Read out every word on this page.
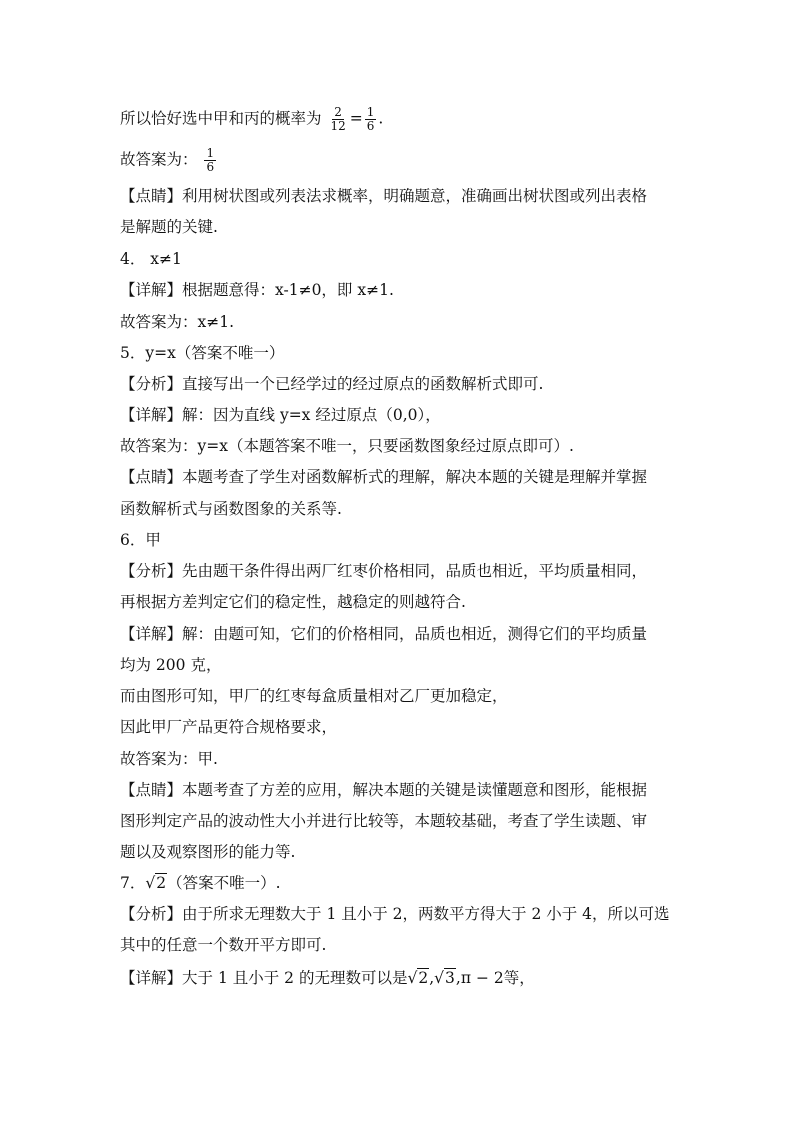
所以恰好选中甲和丙的概率为 $\frac{2}{12} = \frac{1}{6}$ .
故答案为： $\frac{1}{6}$
【点睛】利用树状图或列表法求概率，明确题意，准确画出树状图或列出表格
是解题的关键.
4． x≠1
【详解】根据题意得：x-1≠0，即 x≠1.
故答案为：x≠1.
5．y=x（答案不唯一）
【分析】直接写出一个已经学过的经过原点的函数解析式即可.
【详解】解：因为直线 y=x 经过原点（0,0），
故答案为：y=x（本题答案不唯一，只要函数图象经过原点即可）.
【点睛】本题考查了学生对函数解析式的理解，解决本题的关键是理解并掌握
函数解析式与函数图象的关系等.
6．甲
【分析】先由题干条件得出两厂红枣价格相同，品质也相近，平均质量相同，
再根据方差判定它们的稳定性，越稳定的则越符合.
【详解】解：由题可知，它们的价格相同，品质也相近，测得它们的平均质量
均为 200 克，
而由图形可知，甲厂的红枣每盒质量相对乙厂更加稳定，
因此甲厂产品更符合规格要求，
故答案为：甲.
【点睛】本题考查了方差的应用，解决本题的关键是读懂题意和图形，能根据
图形判定产品的波动性大小并进行比较等，本题较基础，考查了学生读题、审
题以及观察图形的能力等.
7．√2（答案不唯一）.
【分析】由于所求无理数大于 1 且小于 2，两数平方得大于 2 小于 4，所以可选
其中的任意一个数开平方即可.
【详解】大于 1 且小于 2 的无理数可以是√2,√3,π − 2等，
